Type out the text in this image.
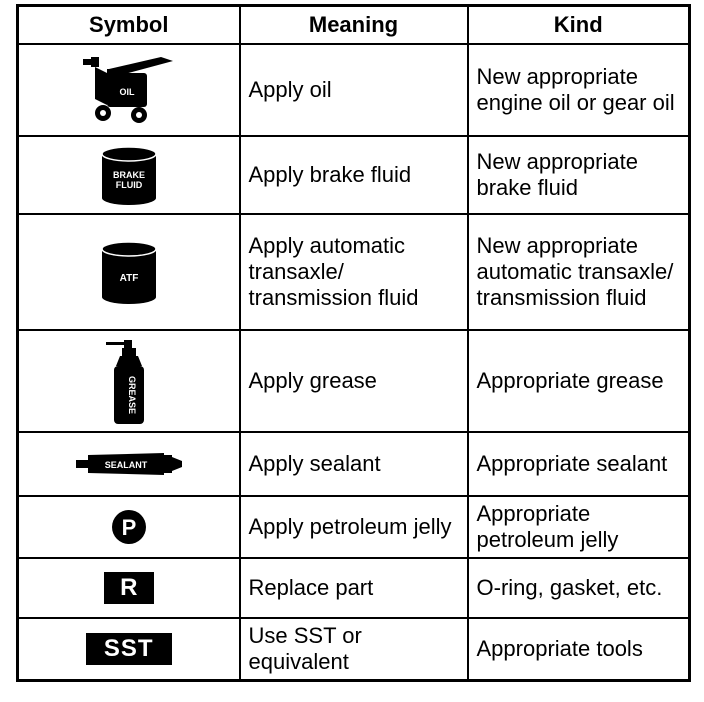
Symbol	Meaning	Kind

OIL	Apply oil	New appropriate engine oil or gear oil

BRAKE
FLUID	Apply brake fluid	New appropriate brake fluid

ATF	Apply automatic transaxle/ transmission fluid	New appropriate automatic transaxle/ transmission fluid

GREASE	Apply grease	Appropriate grease

SEALANT	Apply sealant	Appropriate sealant

P	Apply petroleum jelly	Appropriate petroleum jelly
R	Replace part	O-ring, gasket, etc.
SST	Use SST or equivalent	Appropriate tools
